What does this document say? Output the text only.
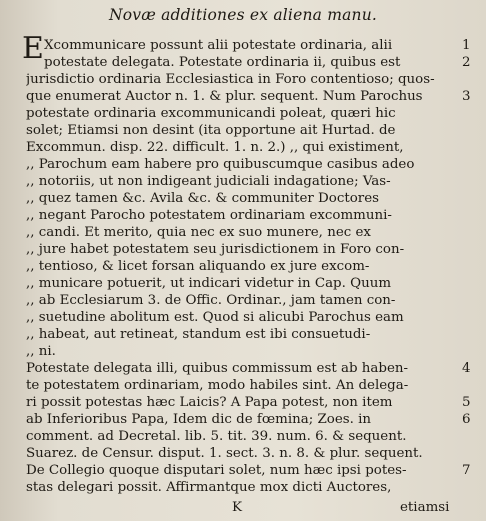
Novæ additiones ex aliena manu.
E Xcommunicare possunt alii potestate ordinaria, alii
potestate delegata. Potestate ordinaria ii, quibus est
jurisdictio ordinaria Ecclesiastica in Foro contentioso; quos-
que enumerat Auctor n. 1. & plur. sequent. Num Parochus
potestate ordinaria excommunicandi poleat, quæri hic
solet; Etiamsi non desint (ita opportune ait Hurtad. de
Excommun. disp. 22. difficult. 1. n. 2.) ,, qui existiment,
,, Parochum eam habere pro quibuscumque casibus adeo
,, notoriis, ut non indigeant judiciali indagatione; Vas-
,, quez tamen &c. Avila &c. & communiter Doctores
,, negant Parocho potestatem ordinariam excommuni-
,, candi. Et merito, quia nec ex suo munere, nec ex
,, jure habet potestatem seu jurisdictionem in Foro con-
,, tentioso, & licet forsan aliquando ex jure excom-
,, municare potuerit, ut indicari videtur in Cap. Quum
,, ab Ecclesiarum 3. de Offic. Ordinar., jam tamen con-
,, suetudine abolitum est. Quod si alicubi Parochus eam
,, habeat, aut retineat, standum est ibi consuetudi-
,, ni.
Potestate delegata illi, quibus commissum est ab haben-
te potestatem ordinariam, modo habiles sint. An delega-
ri possit potestas hæc Laicis? A Papa potest, non item
ab Inferioribus Papa, Idem dic de fœmina; Zoes. in
comment. ad Decretal. lib. 5. tit. 39. num. 6. & sequent.
Suarez. de Censur. disput. 1. sect. 3. n. 8. & plur. sequent.
De Collegio quoque disputari solet, num hæc ipsi potes-
stas delegari possit. Affirmantque mox dicti Auctores,
1
2
3
4
5
6
7
K	etiamsi
